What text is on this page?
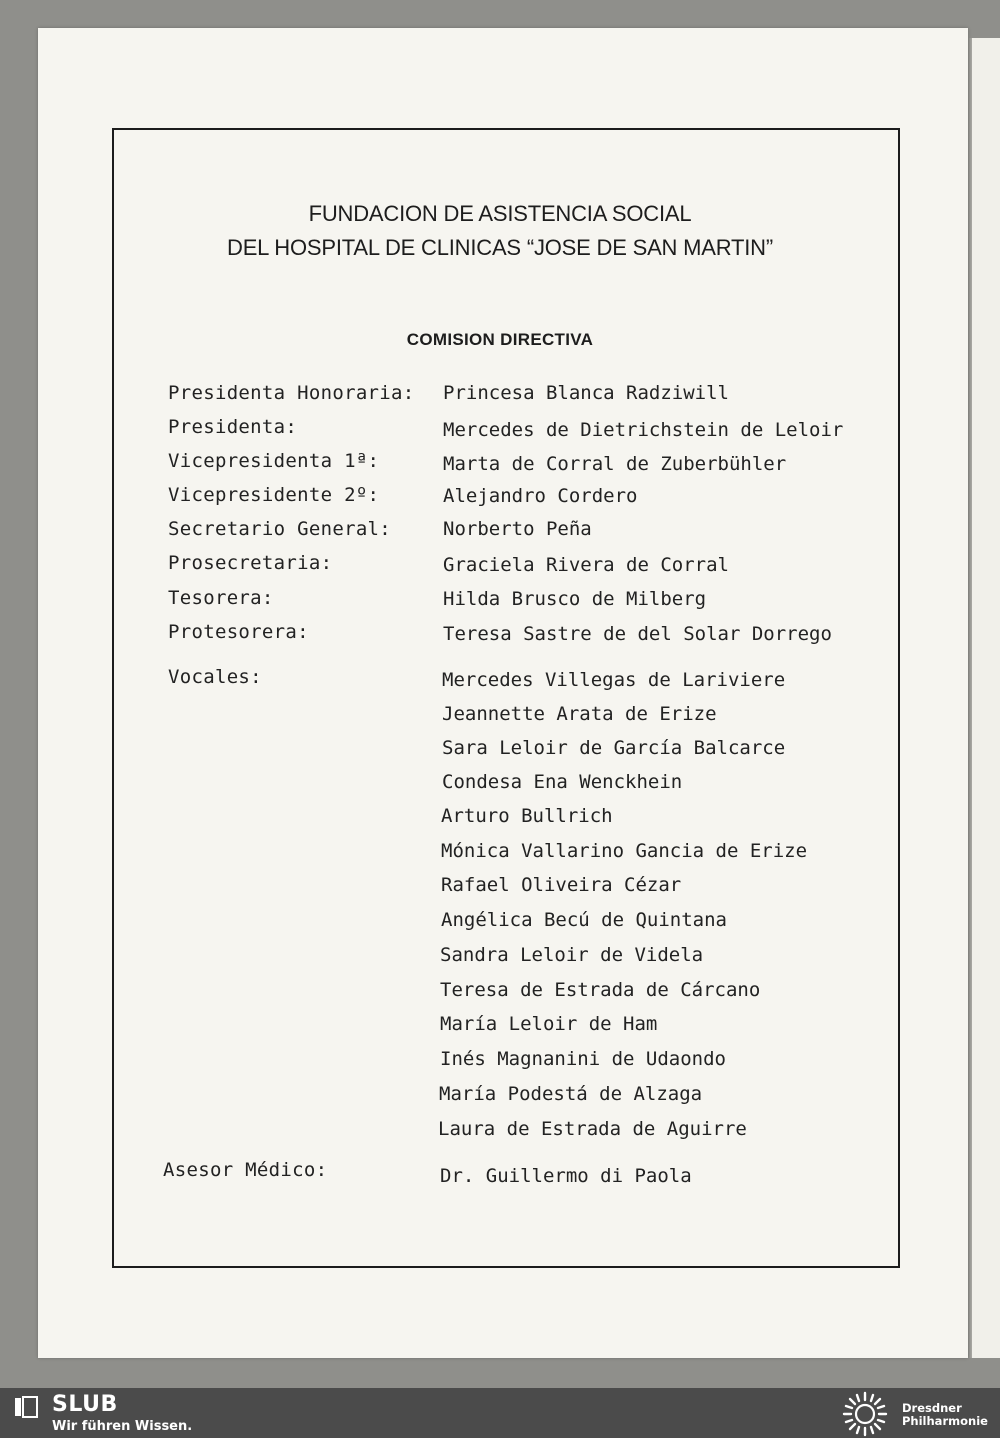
FUNDACION DE ASISTENCIA SOCIAL
DEL HOSPITAL DE CLINICAS “JOSE DE SAN MARTIN”
COMISION DIRECTIVA
Presidenta Honoraria: Princesa Blanca Radziwill
Presidenta:	Mercedes de Dietrichstein de Leloir
Vicepresidenta 1ª:	Marta de Corral de Zuberbühler
Vicepresidente 2º:	Alejandro Cordero
Secretario General:	Norberto Peña
Prosecretaria:	Graciela Rivera de Corral
Tesorera:	Hilda Brusco de Milberg
Protesorera:	Teresa Sastre de del Solar Dorrego
Vocales:	Mercedes Villegas de Lariviere
Jeannette Arata de Erize
Sara Leloir de García Balcarce
Condesa Ena Wenckhein
Arturo Bullrich
Mónica Vallarino Gancia de Erize
Rafael Oliveira Cézar
Angélica Becú de Quintana
Sandra Leloir de Videla
Teresa de Estrada de Cárcano
María Leloir de Ham
Inés Magnanini de Udaondo
María Podestá de Alzaga
Laura de Estrada de Aguirre
Asesor Médico:	Dr. Guillermo di Paola
SLUB
Wir führen Wissen.
Dresdner
Philharmonie
